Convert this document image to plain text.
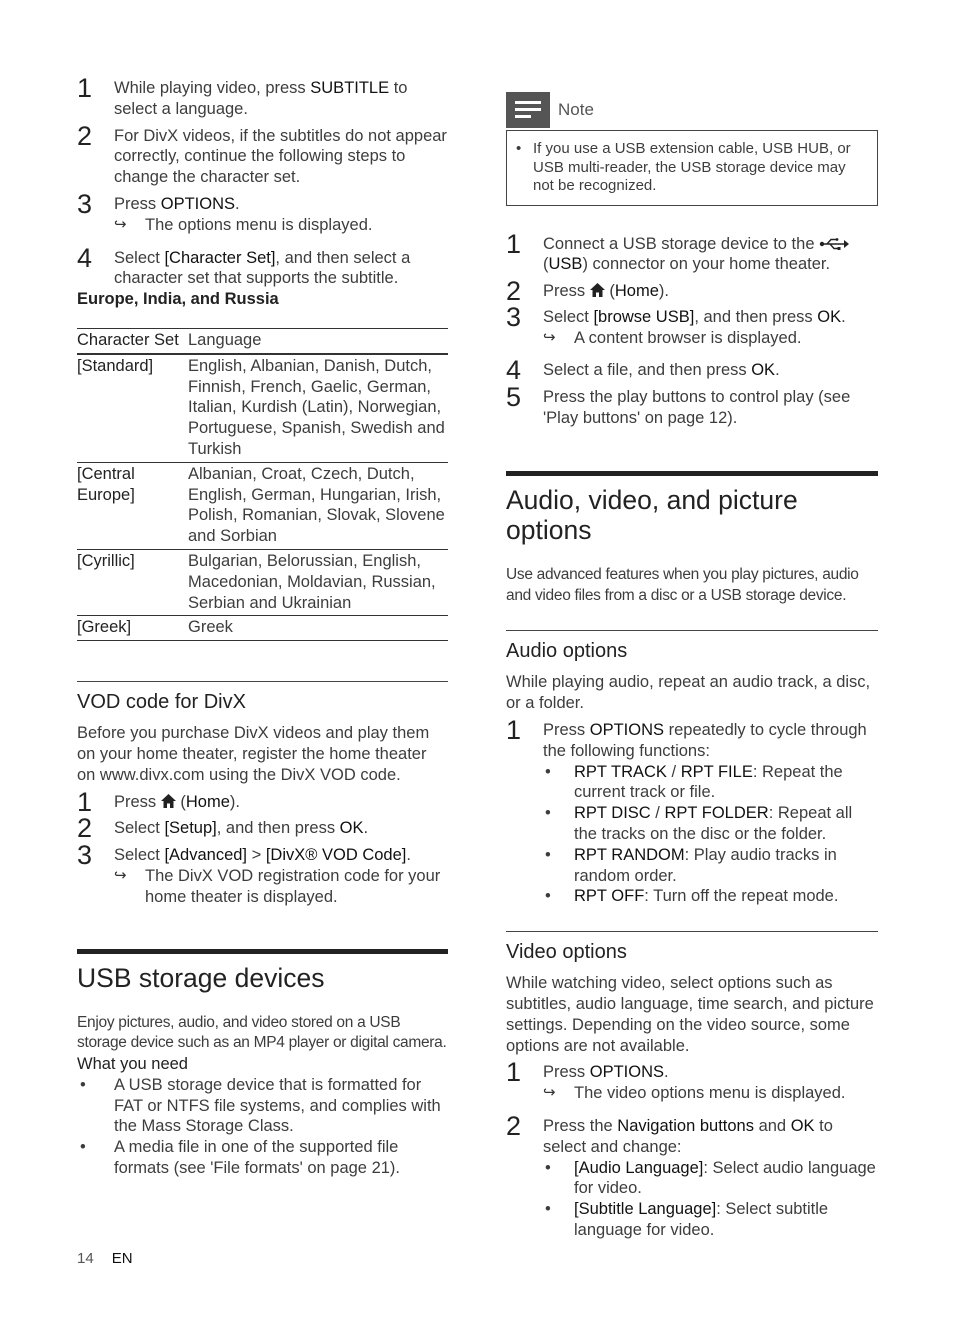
1 While playing video, press SUBTITLE to select a language.
2 For DivX videos, if the subtitles do not appear correctly, continue the following steps to change the character set.
3 Press OPTIONS.
↪ The options menu is displayed.
4 Select [Character Set], and then select a character set that supports the subtitle.
Europe, India, and Russia
Character Set	Language
[Standard]	English, Albanian, Danish, Dutch, Finnish, French, Gaelic, German, Italian, Kurdish (Latin), Norwegian, Portuguese, Spanish, Swedish and Turkish
[Central Europe]	Albanian, Croat, Czech, Dutch, English, German, Hungarian, Irish, Polish, Romanian, Slovak, Slovene and Sorbian
[Cyrillic]	Bulgarian, Belorussian, English, Macedonian, Moldavian, Russian, Serbian and Ukrainian
[Greek]	Greek
VOD code for DivX
Before you purchase DivX videos and play them on your home theater, register the home theater on www.divx.com using the DivX VOD code.
1 Press  (Home).
2 Select [Setup], and then press OK.
3 Select [Advanced] > [DivX® VOD Code].
↪ The DivX VOD registration code for your home theater is displayed.
USB storage devices
Enjoy pictures, audio, and video stored on a USB storage device such as an MP4 player or digital camera.
What you need
• A USB storage device that is formatted for FAT or NTFS file systems, and complies with the Mass Storage Class.
• A media file in one of the supported file formats (see 'File formats' on page 21).
Note
• If you use a USB extension cable, USB HUB, or USB multi-reader, the USB storage device may not be recognized.
1 Connect a USB storage device to the
(USB) connector on your home theater.
2 Press  (Home).
3 Select [browse USB], and then press OK.
↪ A content browser is displayed.
4 Select a file, and then press OK.
5 Press the play buttons to control play (see 'Play buttons' on page 12).
Audio, video, and picture options
Use advanced features when you play pictures, audio and video files from a disc or a USB storage device.
Audio options
While playing audio, repeat an audio track, a disc, or a folder.
1 Press OPTIONS repeatedly to cycle through the following functions:
• RPT TRACK / RPT FILE: Repeat the current track or file.
• RPT DISC / RPT FOLDER: Repeat all the tracks on the disc or the folder.
• RPT RANDOM: Play audio tracks in random order.
• RPT OFF: Turn off the repeat mode.
Video options
While watching video, select options such as subtitles, audio language, time search, and picture settings. Depending on the video source, some options are not available.
1 Press OPTIONS.
↪ The video options menu is displayed.
2 Press the Navigation buttons and OK to select and change:
• [Audio Language]: Select audio language for video.
• [Subtitle Language]: Select subtitle language for video.
14 EN
